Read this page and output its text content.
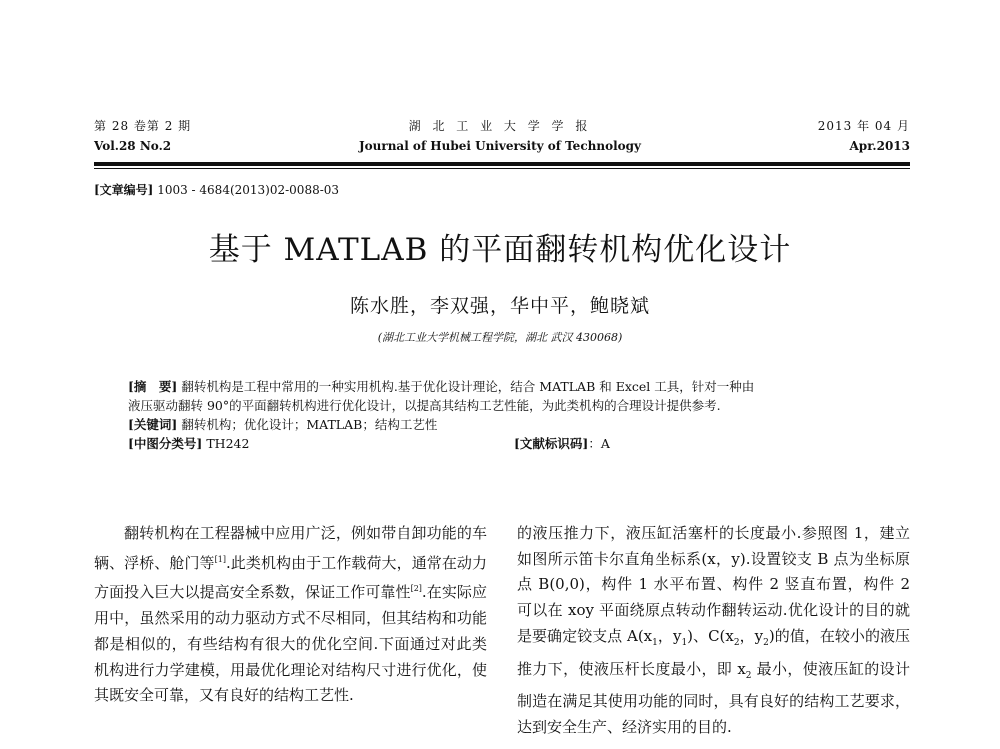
第 28 卷第 2 期
Vol.28 No.2
湖 北 工 业 大 学 学 报
Journal of Hubei University of Technology
2013 年 04 月
Apr.2013
[文章编号] 1003 - 4684(2013)02-0088-03
基于 MATLAB 的平面翻转机构优化设计
陈水胜，李双强，华中平，鲍晓斌
(湖北工业大学机械工程学院，湖北 武汉 430068)
[摘　要] 翻转机构是工程中常用的一种实用机构.基于优化设计理论，结合 MATLAB 和 Excel 工具，针对一种由
液压驱动翻转 90°的平面翻转机构进行优化设计，以提高其结构工艺性能，为此类机构的合理设计提供参考.
[关键词] 翻转机构；优化设计；MATLAB；结构工艺性
[中图分类号] TH242	[文献标识码]：A

翻转机构在工程器械中应用广泛，例如带自卸功能的车辆、浮桥、舱门等[1].此类机构由于工作载荷大，通常在动力方面投入巨大以提高安全系数，保证工作可靠性[2].在实际应用中，虽然采用的动力驱动方式不尽相同，但其结构和功能都是相似的，有些结构有很大的优化空间.下面通过对此类机构进行力学建模，用最优化理论对结构尺寸进行优化，使其既安全可靠，又有良好的结构工艺性.

的液压推力下，液压缸活塞杆的长度最小.参照图 1，建立如图所示笛卡尔直角坐标系(x，y).设置铰支 B 点为坐标原点 B(0,0)，构件 1 水平布置、构件 2 竖直布置，构件 2 可以在 xoy 平面绕原点转动作翻转运动.优化设计的目的就是要确定铰支点 $A(x_1$，$y_1$)、$C(x_2$，$y_2$)的值，在较小的液压推力下，使液压杆长度最小，即 $x_2$ 最小，使液压缸的设计制造在满足其使用功能的同时，具有良好的结构工艺要求，达到安全生产、经济实用的目的.
